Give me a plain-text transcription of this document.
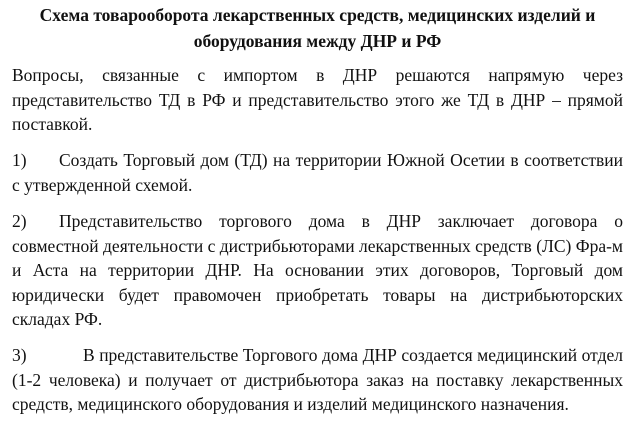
Схема товарооборота лекарственных средств, медицинских изделий и
оборудования между ДНР и РФ
Вопросы, связанные с импортом в ДНР решаются напрямую через представительство ТД в РФ и представительство этого же ТД в ДНР – прямой поставкой.
1) Создать Торговый дом (ТД) на территории Южной Осетии в соответствии с утвержденной схемой.
2) Представительство торгового дома в ДНР заключает договора о совместной деятельности с дистрибьюторами лекарственных средств (ЛС) Фра-м и Аста на территории ДНР. На основании этих договоров, Торговый дом юридически будет правомочен приобретать товары на дистрибьюторских складах РФ.
3)	В представительстве Торгового дома ДНР создается медицинский отдел (1-2 человека) и получает от дистрибьютора заказ на поставку лекарственных средств, медицинского оборудования и изделий медицинского назначения.
